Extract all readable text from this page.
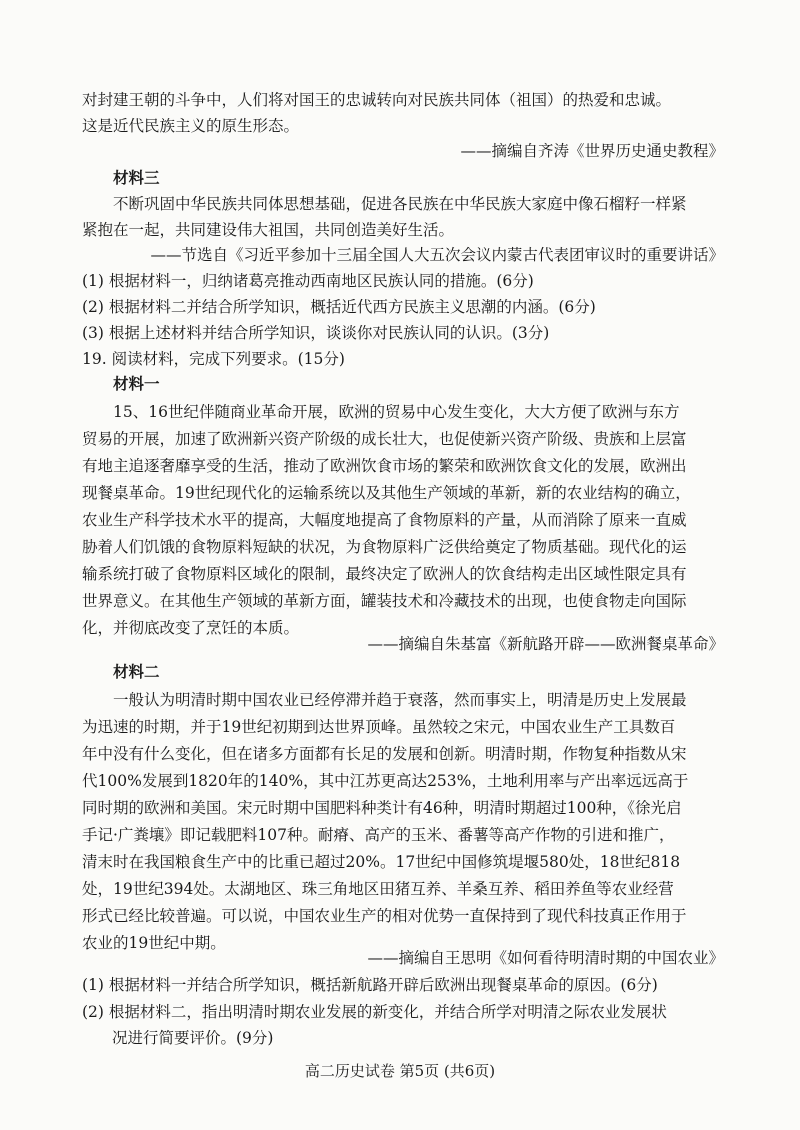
对封建王朝的斗争中，人们将对国王的忠诚转向对民族共同体（祖国）的热爱和忠诚。
这是近代民族主义的原生形态。
——摘编自齐涛《世界历史通史教程》
材料三
不断巩固中华民族共同体思想基础，促进各民族在中华民族大家庭中像石榴籽一样紧
紧抱在一起，共同建设伟大祖国，共同创造美好生活。
——节选自《习近平参加十三届全国人大五次会议内蒙古代表团审议时的重要讲话》
(1) 根据材料一，归纳诸葛亮推动西南地区民族认同的措施。(6分)
(2) 根据材料二并结合所学知识，概括近代西方民族主义思潮的内涵。(6分)
(3) 根据上述材料并结合所学知识，谈谈你对民族认同的认识。(3分)
19. 阅读材料，完成下列要求。(15分)
材料一
15、16世纪伴随商业革命开展，欧洲的贸易中心发生变化，大大方便了欧洲与东方
贸易的开展，加速了欧洲新兴资产阶级的成长壮大，也促使新兴资产阶级、贵族和上层富
有地主追逐奢靡享受的生活，推动了欧洲饮食市场的繁荣和欧洲饮食文化的发展，欧洲出
现餐桌革命。19世纪现代化的运输系统以及其他生产领域的革新，新的农业结构的确立，
农业生产科学技术水平的提高，大幅度地提高了食物原料的产量，从而消除了原来一直威
胁着人们饥饿的食物原料短缺的状况，为食物原料广泛供给奠定了物质基础。现代化的运
输系统打破了食物原料区域化的限制，最终决定了欧洲人的饮食结构走出区域性限定具有
世界意义。在其他生产领域的革新方面，罐装技术和冷藏技术的出现，也使食物走向国际
化，并彻底改变了烹饪的本质。
——摘编自朱基富《新航路开辟——欧洲餐桌革命》
材料二
一般认为明清时期中国农业已经停滞并趋于衰落，然而事实上，明清是历史上发展最
为迅速的时期，并于19世纪初期到达世界顶峰。虽然较之宋元，中国农业生产工具数百
年中没有什么变化，但在诸多方面都有长足的发展和创新。明清时期，作物复种指数从宋
代100%发展到1820年的140%，其中江苏更高达253%，土地利用率与产出率远远高于
同时期的欧洲和美国。宋元时期中国肥料种类计有46种，明清时期超过100种，《徐光启
手记·广粪壤》即记载肥料107种。耐瘠、高产的玉米、番薯等高产作物的引进和推广，
清末时在我国粮食生产中的比重已超过20%。17世纪中国修筑堤堰580处，18世纪818
处，19世纪394处。太湖地区、珠三角地区田猪互养、羊桑互养、稻田养鱼等农业经营
形式已经比较普遍。可以说，中国农业生产的相对优势一直保持到了现代科技真正作用于
农业的19世纪中期。
——摘编自王思明《如何看待明清时期的中国农业》
(1) 根据材料一并结合所学知识，概括新航路开辟后欧洲出现餐桌革命的原因。(6分)
(2) 根据材料二，指出明清时期农业发展的新变化，并结合所学对明清之际农业发展状
况进行简要评价。(9分)
高二历史试卷 第5页 (共6页)
